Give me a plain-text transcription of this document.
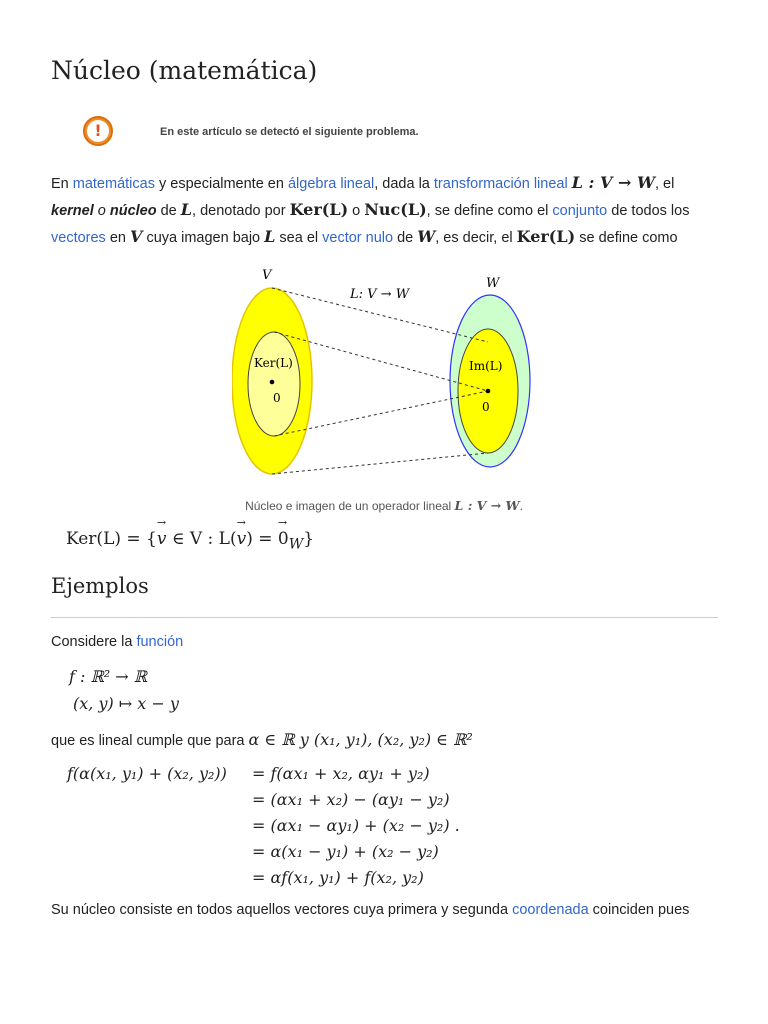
Núcleo (matemática)
!	En este artículo se detectó el siguiente problema.
En matemáticas y especialmente en álgebra lineal, dada la transformación lineal L : V → W, el
kernel o núcleo de L, denotado por Ker(L) o Nuc(L), se define como el conjunto de todos los
vectores en V cuya imagen bajo L sea el vector nulo de W, es decir, el Ker(L) se define como
V
W
L: V → W
Ker(L)	Im(L)
0
0
Núcleo e imagen de un operador lineal L : V → W.
Ker(L) = {v
→
∈ V : L(v
→
) = 0
→
$_W$}
Ejemplos
Considere la función
f : ℝ² → ℝ
(x, y) ↦ x − y
que es lineal cumple que para α ∈ ℝ y (x₁, y₁), (x₂, y₂) ∈ ℝ²
f(α(x₁, y₁) + (x₂, y₂)) = f(αx₁ + x₂, αy₁ + y₂)
= (αx₁ + x₂) − (αy₁ − y₂)
= (αx₁ − αy₁) + (x₂ − y₂) .
= α(x₁ − y₁) + (x₂ − y₂)
= αf(x₁, y₁) + f(x₂, y₂)
Su núcleo consiste en todos aquellos vectores cuya primera y segunda coordenada coinciden pues
